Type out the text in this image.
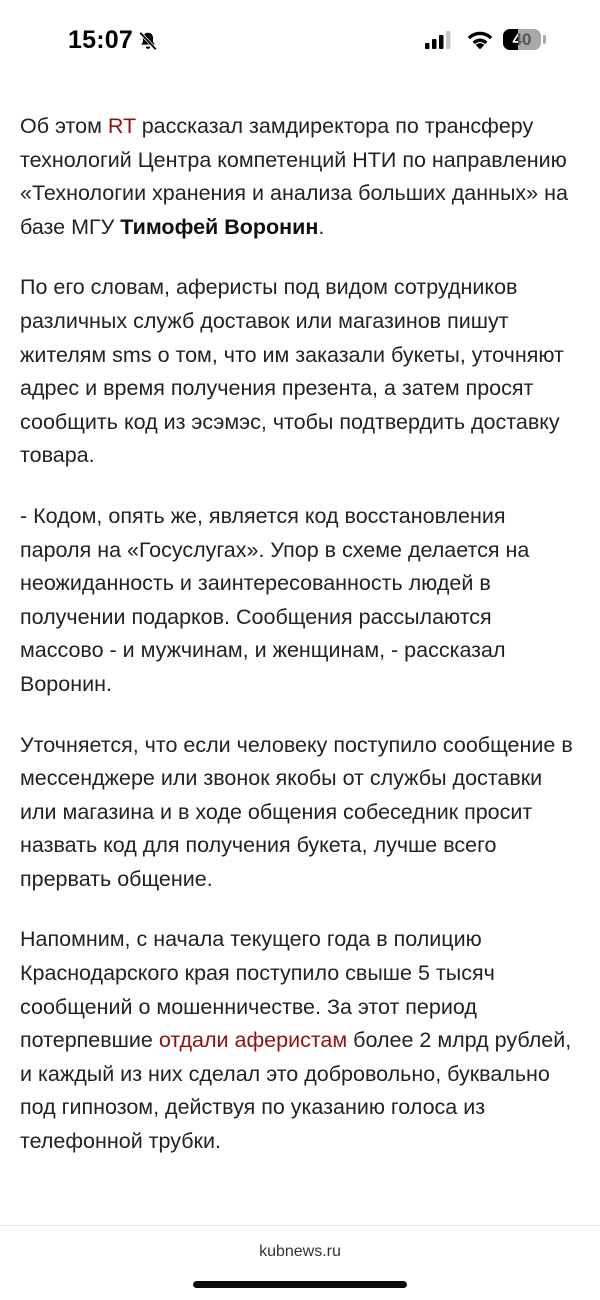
15:07	40

Об этом RT рассказал замдиректора по трансферу технологий Центра компетенций НТИ по направлению «Технологии хранения и анализа больших данных» на базе МГУ Тимофей Воронин.

По его словам, аферисты под видом сотрудников различных служб доставок или магазинов пишут жителям sms о том, что им заказали букеты, уточняют адрес и время получения презента, а затем просят сообщить код из эсэмэс, чтобы подтвердить доставку товара.

- Кодом, опять же, является код восстановления пароля на «Госуслугах». Упор в схеме делается на неожиданность и заинтересованность людей в получении подарков. Сообщения рассылаются массово - и мужчинам, и женщинам, - рассказал Воронин.

Уточняется, что если человеку поступило сообщение в мессенджере или звонок якобы от службы доставки или магазина и в ходе общения собеседник просит назвать код для получения букета, лучше всего прервать общение.

Напомним, с начала текущего года в полицию Краснодарского края поступило свыше 5 тысяч сообщений о мошенничестве. За этот период потерпевшие отдали аферистам более 2 млрд рублей, и каждый из них сделал это добровольно, буквально под гипнозом, действуя по указанию голоса из телефонной трубки.

kubnews.ru
